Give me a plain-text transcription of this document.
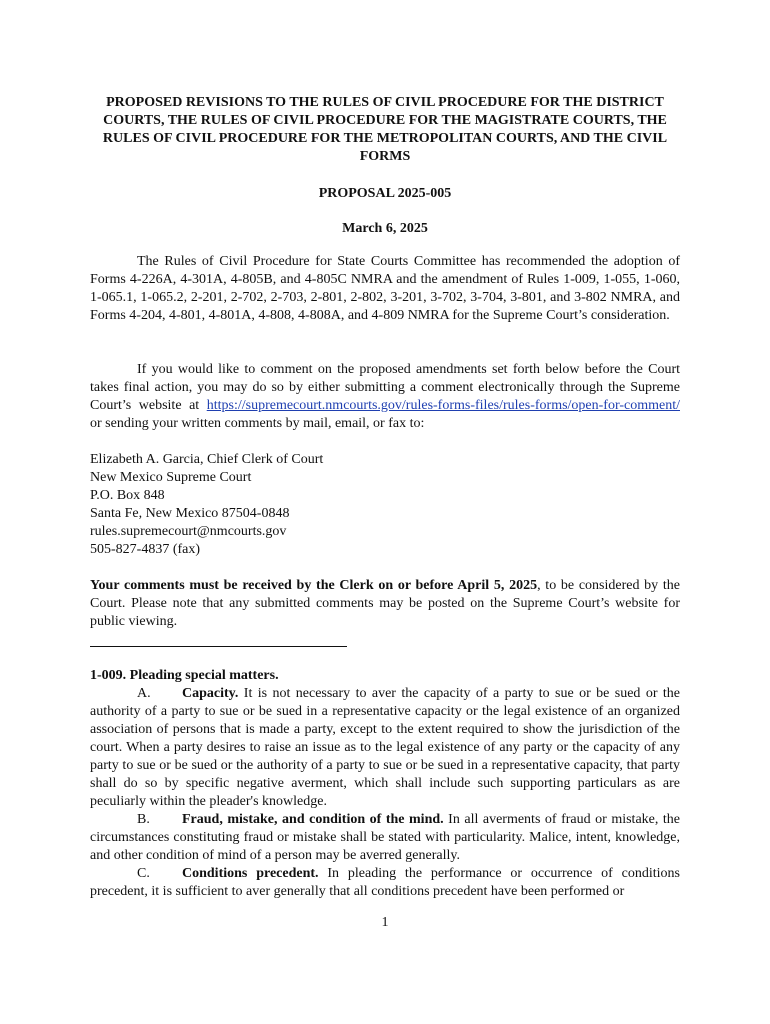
PROPOSED REVISIONS TO THE RULES OF CIVIL PROCEDURE FOR THE DISTRICT COURTS, THE RULES OF CIVIL PROCEDURE FOR THE MAGISTRATE COURTS, THE RULES OF CIVIL PROCEDURE FOR THE METROPOLITAN COURTS, AND THE CIVIL FORMS

PROPOSAL 2025-005

March 6, 2025

The Rules of Civil Procedure for State Courts Committee has recommended the adoption of Forms 4-226A, 4-301A, 4-805B, and 4-805C NMRA and the amendment of Rules 1-009, 1-055, 1-060, 1-065.1, 1-065.2, 2-201, 2-702, 2-703, 2-801, 2-802, 3-201, 3-702, 3-704, 3-801, and 3-802 NMRA, and Forms 4-204, 4-801, 4-801A, 4-808, 4-808A, and 4-809 NMRA for the Supreme Court’s consideration.

If you would like to comment on the proposed amendments set forth below before the Court takes final action, you may do so by either submitting a comment electronically through the Supreme Court’s website at https://supremecourt.nmcourts.gov/rules-forms-files/rules-forms/open-for-comment/ or sending your written comments by mail, email, or fax to:

Elizabeth A. Garcia, Chief Clerk of Court
New Mexico Supreme Court
P.O. Box 848
Santa Fe, New Mexico 87504-0848
rules.supremecourt@nmcourts.gov
505-827-4837 (fax)

Your comments must be received by the Clerk on or before April 5, 2025, to be considered by the Court. Please note that any submitted comments may be posted on the Supreme Court’s website for public viewing.

1-009. Pleading special matters.

A. Capacity. It is not necessary to aver the capacity of a party to sue or be sued or the authority of a party to sue or be sued in a representative capacity or the legal existence of an organized association of persons that is made a party, except to the extent required to show the jurisdiction of the court. When a party desires to raise an issue as to the legal existence of any party or the capacity of any party to sue or be sued or the authority of a party to sue or be sued in a representative capacity, that party shall do so by specific negative averment, which shall include such supporting particulars as are peculiarly within the pleader's knowledge.

B. Fraud, mistake, and condition of the mind. In all averments of fraud or mistake, the circumstances constituting fraud or mistake shall be stated with particularity. Malice, intent, knowledge, and other condition of mind of a person may be averred generally.

C. Conditions precedent. In pleading the performance or occurrence of conditions precedent, it is sufficient to aver generally that all conditions precedent have been performed or

1
